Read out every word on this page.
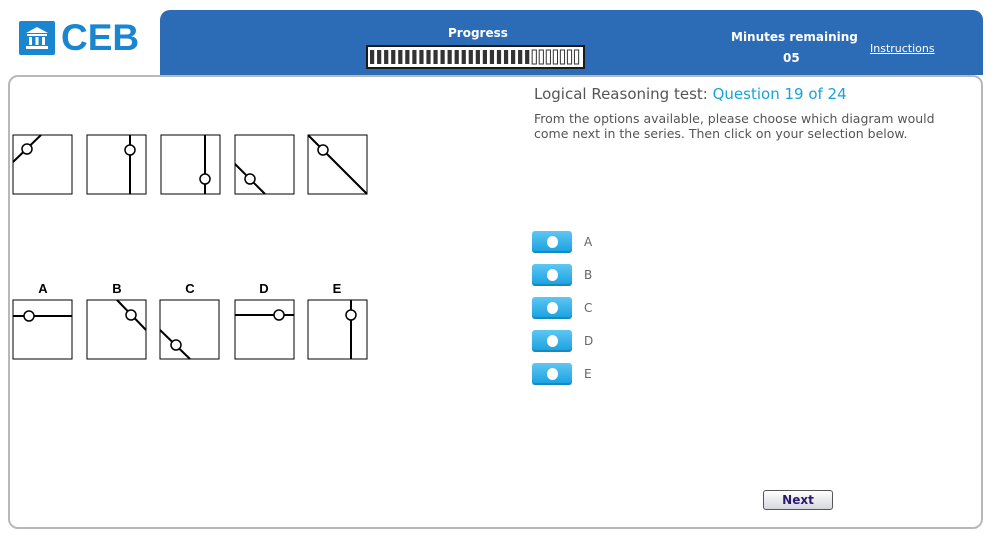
CEB	Progress	Minutes remaining
05
Instructions
Logical Reasoning test: Question 19 of 24
From the options available, please choose which diagram would come next in the series. Then click on your selection below.
A	B	C	D	E
A
B
C
D
E
Next
